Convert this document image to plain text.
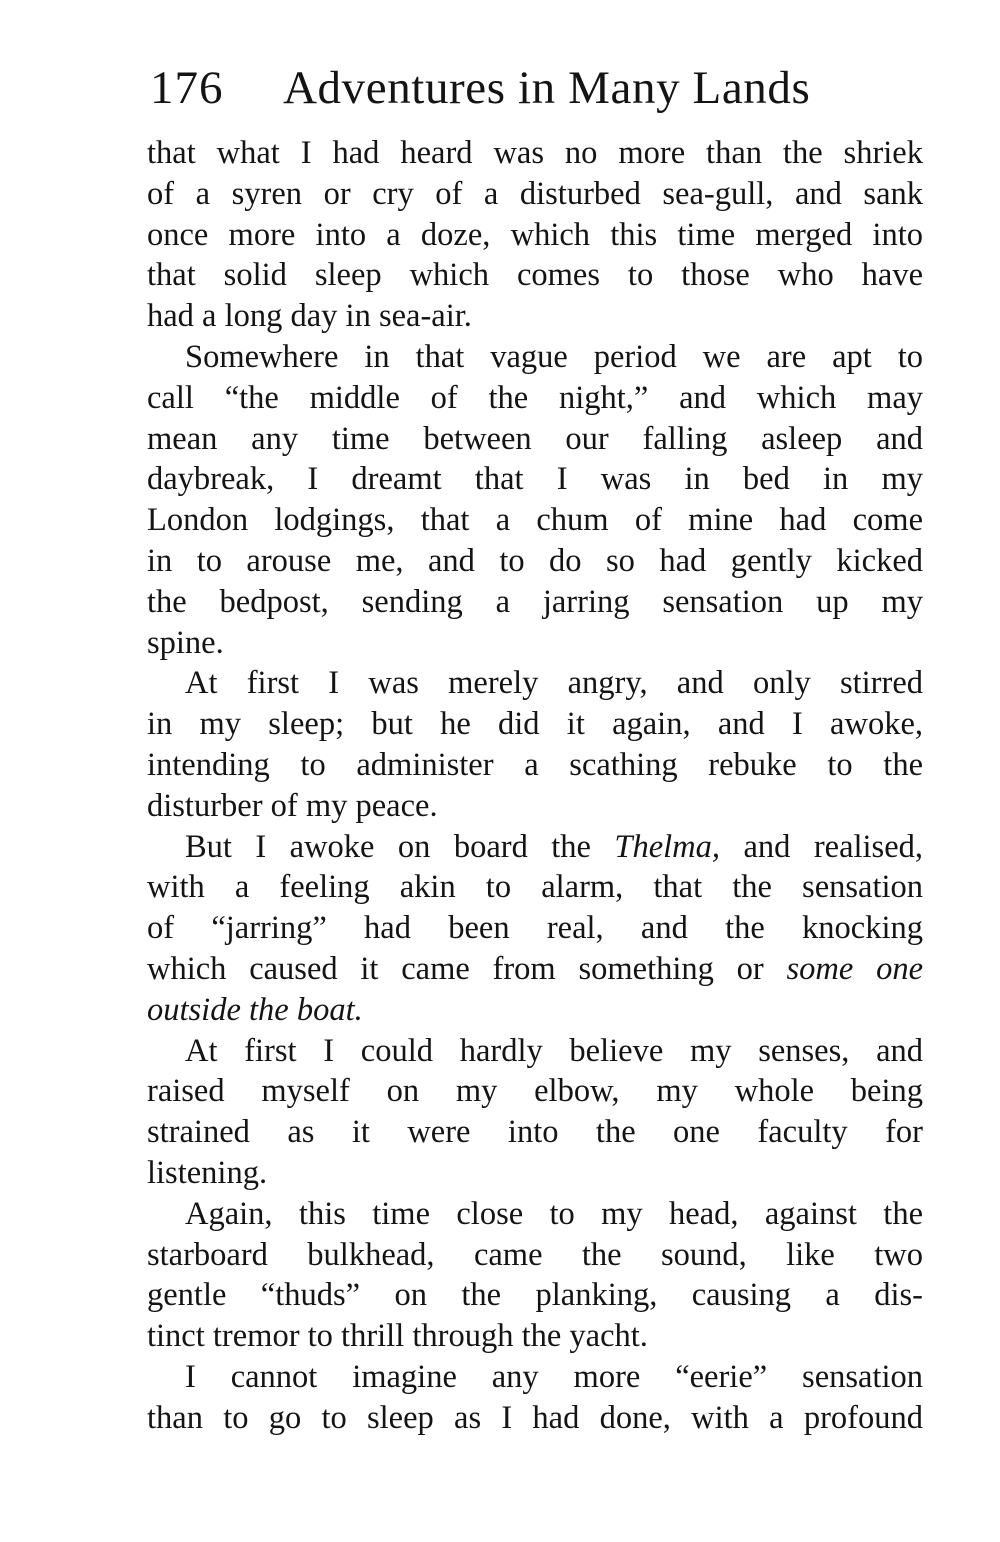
176 Adventures in Many Lands
that what I had heard was no more than the shriek
of a syren or cry of a disturbed sea-gull, and sank
once more into a doze, which this time merged into
that solid sleep which comes to those who have
had a long day in sea-air.
Somewhere in that vague period we are apt to
call “the middle of the night,” and which may
mean any time between our falling asleep and
daybreak, I dreamt that I was in bed in my
London lodgings, that a chum of mine had come
in to arouse me, and to do so had gently kicked
the bedpost, sending a jarring sensation up my
spine.
At first I was merely angry, and only stirred
in my sleep; but he did it again, and I awoke,
intending to administer a scathing rebuke to the
disturber of my peace.
But I awoke on board the Thelma, and realised,
with a feeling akin to alarm, that the sensation
of “jarring” had been real, and the knocking
which caused it came from something or some one
outside the boat.
At first I could hardly believe my senses, and
raised myself on my elbow, my whole being
strained as it were into the one faculty for
listening.
Again, this time close to my head, against the
starboard bulkhead, came the sound, like two
gentle “thuds” on the planking, causing a dis-
tinct tremor to thrill through the yacht.
I cannot imagine any more “eerie” sensation
than to go to sleep as I had done, with a profound
